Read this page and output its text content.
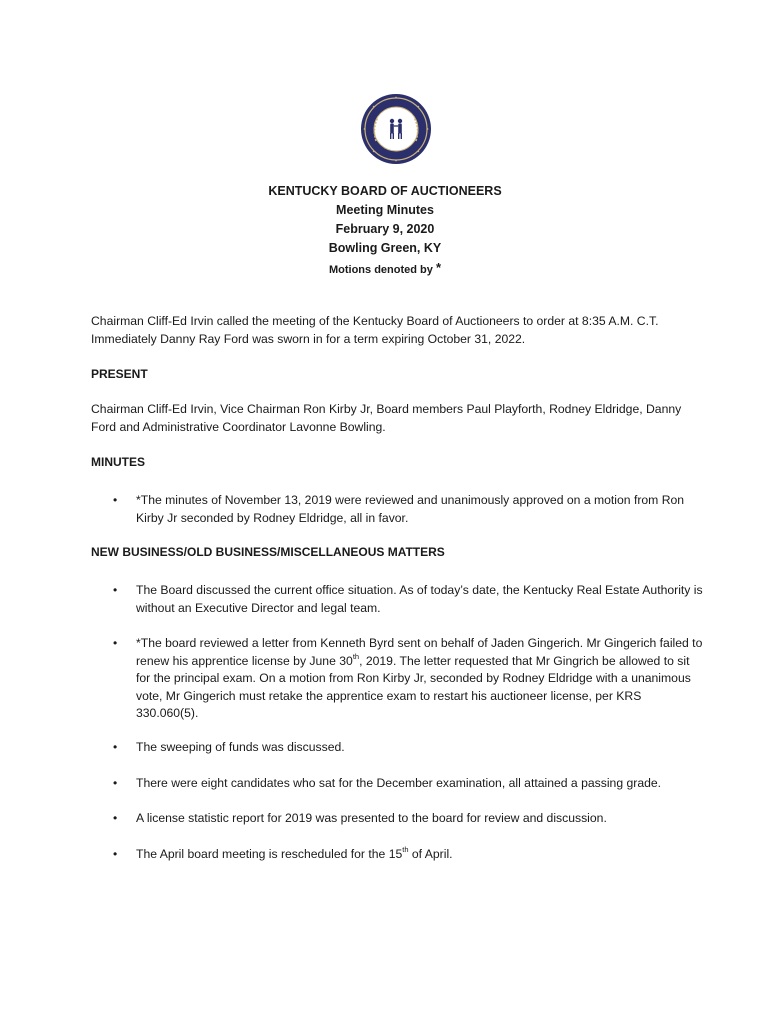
KENTUCKY BOARD OF AUCTIONEERS
Meeting Minutes
February 9, 2020
Bowling Green, KY
Motions denoted by *
Chairman Cliff-Ed Irvin called the meeting of the Kentucky Board of Auctioneers to order at 8:35 A.M. C.T. Immediately Danny Ray Ford was sworn in for a term expiring October 31, 2022.
PRESENT
Chairman Cliff-Ed Irvin, Vice Chairman Ron Kirby Jr, Board members Paul Playforth, Rodney Eldridge, Danny Ford and Administrative Coordinator Lavonne Bowling.
MINUTES
• *The minutes of November 13, 2019 were reviewed and unanimously approved on a motion from Ron Kirby Jr seconded by Rodney Eldridge, all in favor.
NEW BUSINESS/OLD BUSINESS/MISCELLANEOUS MATTERS
• The Board discussed the current office situation. As of today’s date, the Kentucky Real Estate Authority is without an Executive Director and legal team.
• *The board reviewed a letter from Kenneth Byrd sent on behalf of Jaden Gingerich. Mr Gingerich failed to renew his apprentice license by June 30th, 2019. The letter requested that Mr Gingrich be allowed to sit for the principal exam. On a motion from Ron Kirby Jr, seconded by Rodney Eldridge with a unanimous vote, Mr Gingerich must retake the apprentice exam to restart his auctioneer license, per KRS 330.060(5).
• The sweeping of funds was discussed.
• There were eight candidates who sat for the December examination, all attained a passing grade.
• A license statistic report for 2019 was presented to the board for review and discussion.
• The April board meeting is rescheduled for the 15th of April.
